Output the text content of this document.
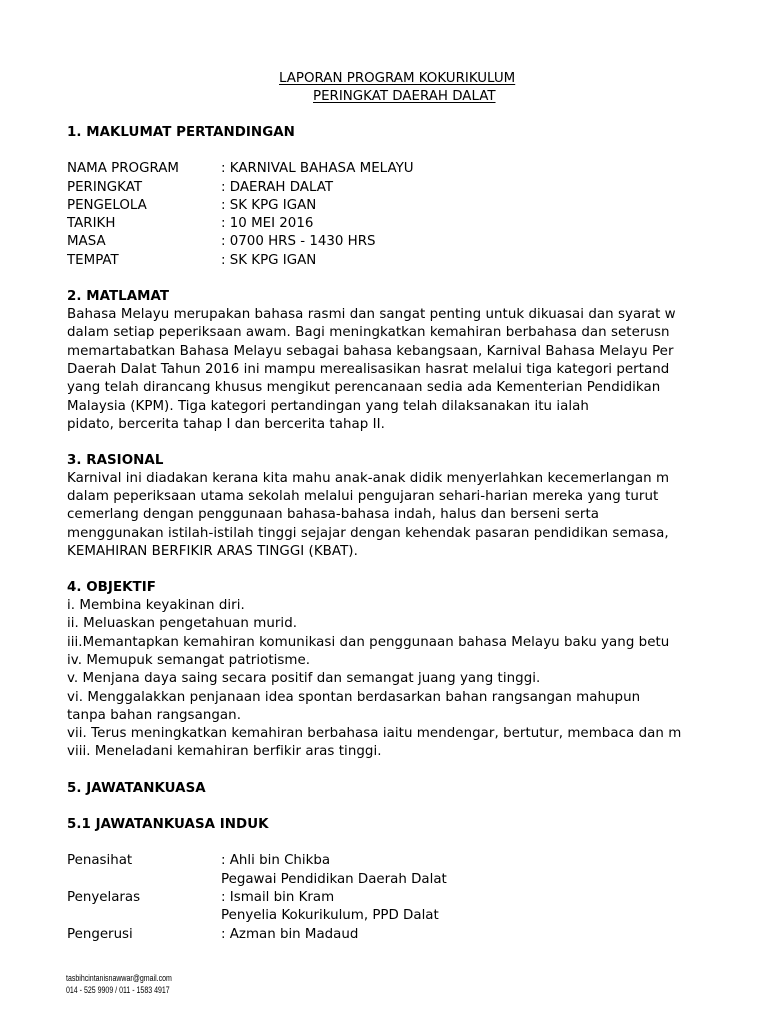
LAPORAN PROGRAM KOKURIKULUM
PERINGKAT DAERAH DALAT
1. MAKLUMAT PERTANDINGAN
NAMA PROGRAM	: KARNIVAL BAHASA MELAYU
PERINGKAT	: DAERAH DALAT
PENGELOLA	: SK KPG IGAN
TARIKH	: 10 MEI 2016
MASA	: 0700 HRS - 1430 HRS
TEMPAT	: SK KPG IGAN
2. MATLAMAT
Bahasa Melayu merupakan bahasa rasmi dan sangat penting untuk dikuasai dan syarat w
dalam setiap peperiksaan awam. Bagi meningkatkan kemahiran berbahasa dan seterusn
memartabatkan Bahasa Melayu sebagai bahasa kebangsaan, Karnival Bahasa Melayu Per
Daerah Dalat Tahun 2016 ini mampu merealisasikan hasrat melalui tiga kategori pertand
yang telah dirancang khusus mengikut perencanaan sedia ada Kementerian Pendidikan
Malaysia (KPM). Tiga kategori pertandingan yang telah dilaksanakan itu ialah
pidato, bercerita tahap I dan bercerita tahap II.
3. RASIONAL
Karnival ini diadakan kerana kita mahu anak-anak didik menyerlahkan kecemerlangan m
dalam peperiksaan utama sekolah melalui pengujaran sehari-harian mereka yang turut
cemerlang dengan penggunaan bahasa-bahasa indah, halus dan berseni serta
menggunakan istilah-istilah tinggi sejajar dengan kehendak pasaran pendidikan semasa,
KEMAHIRAN BERFIKIR ARAS TINGGI (KBAT).
4. OBJEKTIF
i. Membina keyakinan diri.
ii. Meluaskan pengetahuan murid.
iii.Memantapkan kemahiran komunikasi dan penggunaan bahasa Melayu baku yang betu
iv. Memupuk semangat patriotisme.
v. Menjana daya saing secara positif dan semangat juang yang tinggi.
vi. Menggalakkan penjanaan idea spontan berdasarkan bahan rangsangan mahupun
tanpa bahan rangsangan.
vii. Terus meningkatkan kemahiran berbahasa iaitu mendengar, bertutur, membaca dan m
viii. Meneladani kemahiran berfikir aras tinggi.
5. JAWATANKUASA
5.1 JAWATANKUASA INDUK
Penasihat	: Ahli bin Chikba
Pegawai Pendidikan Daerah Dalat
Penyelaras	: Ismail bin Kram
Penyelia Kokurikulum, PPD Dalat
Pengerusi	: Azman bin Madaud
tasbihcintanisnawwar@gmail.com
014 - 525 9909 / 011 - 1583 4917
